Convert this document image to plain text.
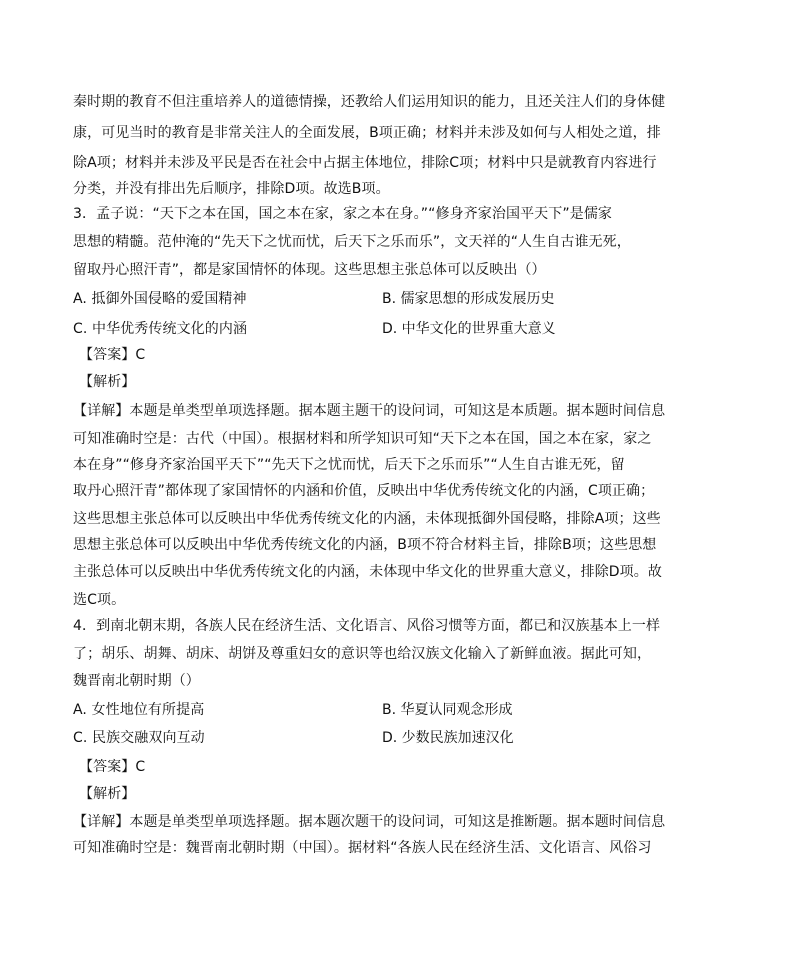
秦时期的教育不但注重培养人的道德情操，还教给人们运用知识的能力，且还关注人们的身体健
康，可见当时的教育是非常关注人的全面发展，B项正确；材料并未涉及如何与人相处之道，排
除A项；材料并未涉及平民是否在社会中占据主体地位，排除C项；材料中只是就教育内容进行
分类，并没有排出先后顺序，排除D项。故选B项。
3．孟子说：“天下之本在国，国之本在家，家之本在身。”“修身齐家治国平天下”是儒家
思想的精髓。范仲淹的“先天下之忧而忧，后天下之乐而乐”，文天祥的“人生自古谁无死，
留取丹心照汗青”，都是家国情怀的体现。这些思想主张总体可以反映出（）
A. 抵御外国侵略的爱国精神	B. 儒家思想的形成发展历史
C. 中华优秀传统文化的内涵	D. 中华文化的世界重大意义
【答案】C
【解析】
【详解】本题是单类型单项选择题。据本题主题干的设问词，可知这是本质题。据本题时间信息
可知准确时空是：古代（中国）。根据材料和所学知识可知“天下之本在国，国之本在家，家之
本在身”“修身齐家治国平天下”“先天下之忧而忧，后天下之乐而乐”“人生自古谁无死，留
取丹心照汗青”都体现了家国情怀的内涵和价值，反映出中华优秀传统文化的内涵，C项正确；
这些思想主张总体可以反映出中华优秀传统文化的内涵，未体现抵御外国侵略，排除A项；这些
思想主张总体可以反映出中华优秀传统文化的内涵，B项不符合材料主旨，排除B项；这些思想
主张总体可以反映出中华优秀传统文化的内涵，未体现中华文化的世界重大意义，排除D项。故
选C项。
4．到南北朝末期，各族人民在经济生活、文化语言、风俗习惯等方面，都已和汉族基本上一样
了；胡乐、胡舞、胡床、胡饼及尊重妇女的意识等也给汉族文化输入了新鲜血液。据此可知，
魏晋南北朝时期（）
A. 女性地位有所提高	B. 华夏认同观念形成
C. 民族交融双向互动	D. 少数民族加速汉化
【答案】C
【解析】
【详解】本题是单类型单项选择题。据本题次题干的设问词，可知这是推断题。据本题时间信息
可知准确时空是：魏晋南北朝时期（中国）。据材料“各族人民在经济生活、文化语言、风俗习
